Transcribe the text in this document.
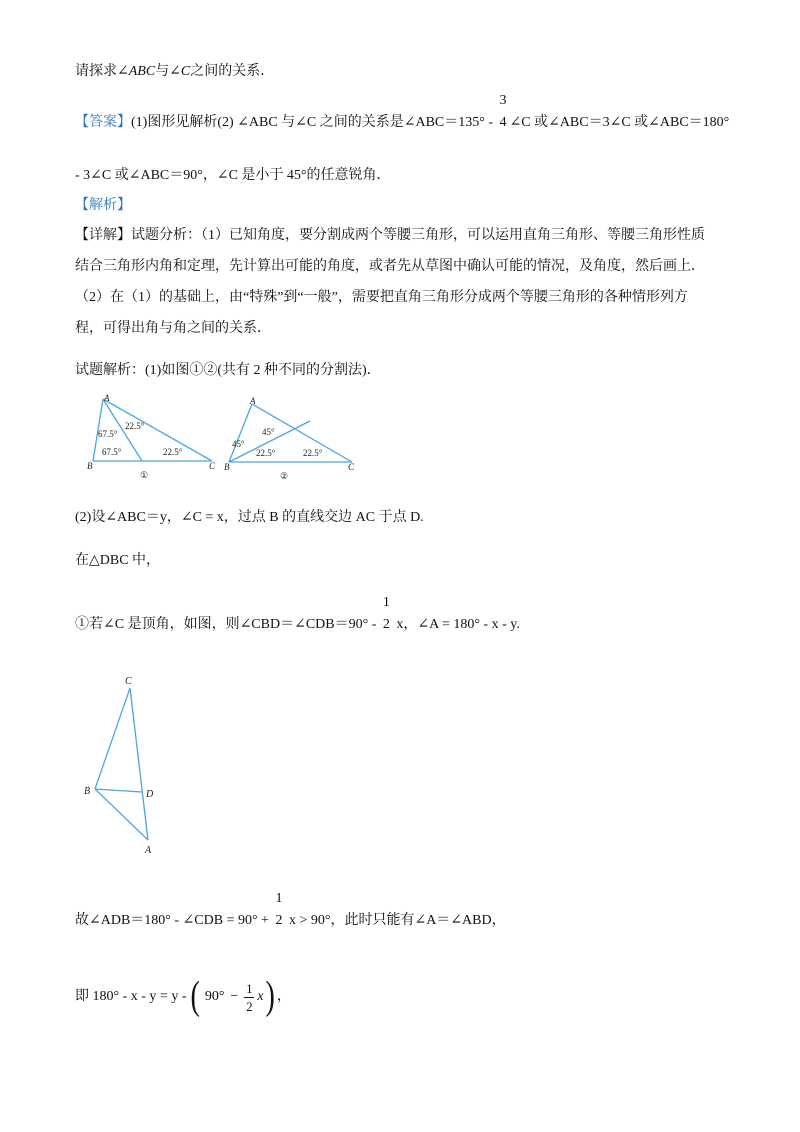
请探求∠ABC与∠C之间的关系．
【答案】(1)图形见解析(2) ∠ABC 与∠C 之间的关系是∠ABC＝135° -
3
4 ∠C 或∠ABC＝3∠C 或∠ABC＝180°
- 3∠C 或∠ABC＝90°，∠C 是小于 45°的任意锐角．
【解析】
【详解】试题分析：（1）已知角度，要分割成两个等腰三角形，可以运用直角三角形、等腰三角形性质
结合三角形内角和定理，先计算出可能的角度，或者先从草图中确认可能的情况，及角度，然后画上．
（2）在（1）的基础上，由“特殊”到“一般”，需要把直角三角形分成两个等腰三角形的各种情形列方
程，可得出角与角之间的关系．
试题解析：(1)如图①②(共有 2 种不同的分割法)．
A
22.5°
67.5°
67.5°	22.5°
B	C
①
A
45°
45°
22.5°	22.5°
B	C
②
(2)设∠ABC＝y，∠C = x，过点 B 的直线交边 AC 于点 D.
在△DBC 中，
①若∠C 是顶角，如图，则∠CBD＝∠CDB＝90° -
1
2 x，∠A = 180° - x - y.
C
B	D
A
故∠ADB＝180° - ∠CDB = 90° +
1
2 x > 90°，此时只能有∠A＝∠ABD，
即 180° - x - y = y - ( 90° −
1
2
x ) ，
